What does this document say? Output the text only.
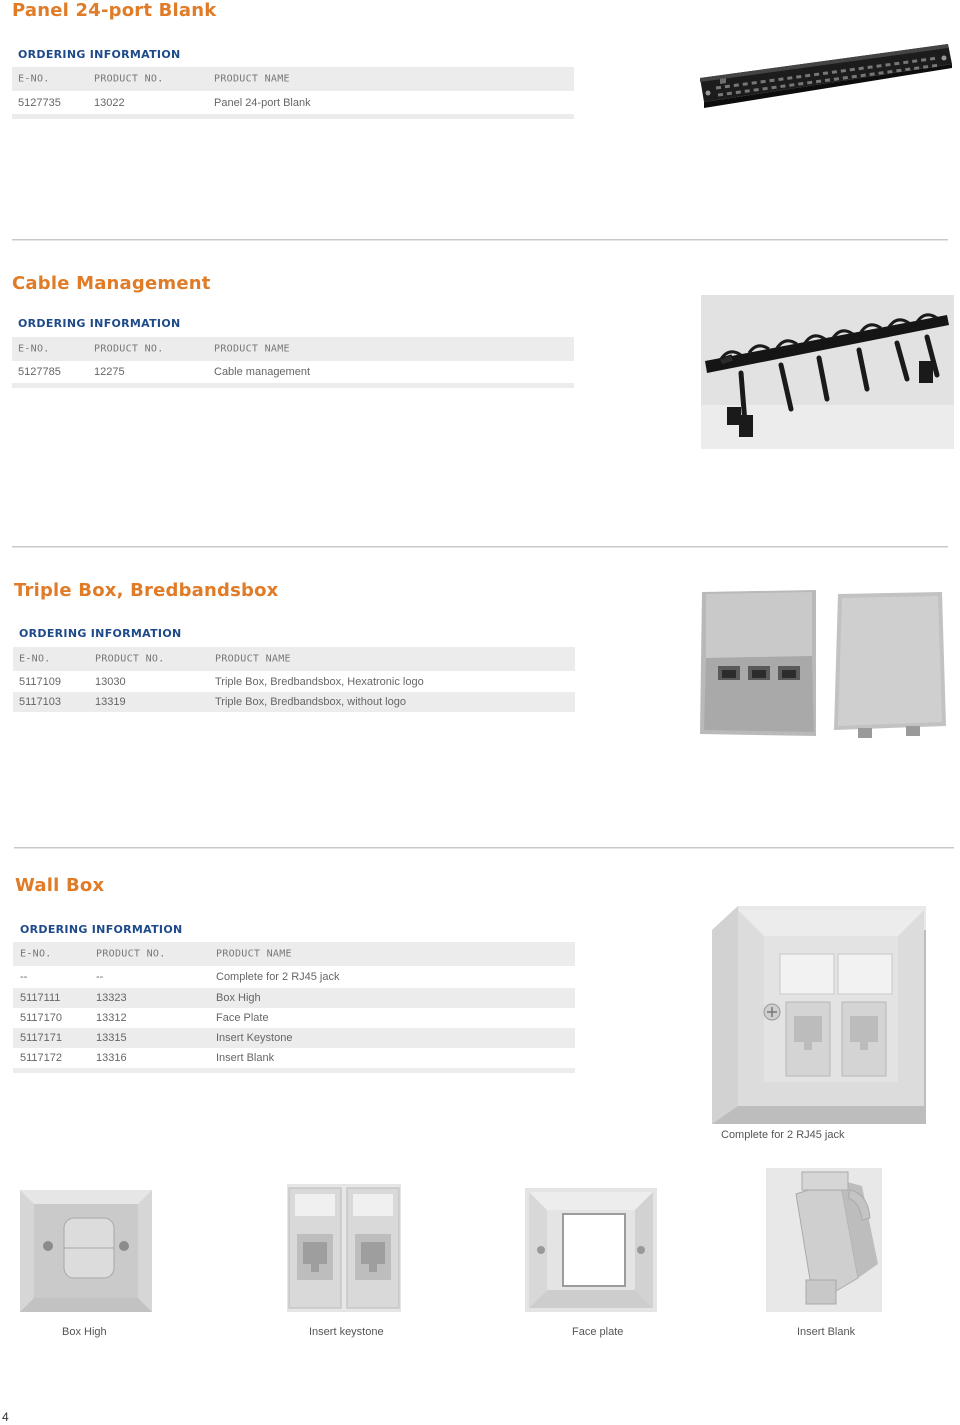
Panel 24-port Blank
ORDERING INFORMATION
E-NO.	PRODUCT NO.	PRODUCT NAME
5127735	13022	Panel 24-port Blank
Cable Management
ORDERING INFORMATION
E-NO.	PRODUCT NO.	PRODUCT NAME
5127785	12275	Cable management
Triple Box, Bredbandsbox
ORDERING INFORMATION
E-NO.	PRODUCT NO.	PRODUCT NAME
5117109	13030	Triple Box, Bredbandsbox, Hexatronic logo
5117103	13319	Triple Box, Bredbandsbox, without logo
Wall Box
ORDERING INFORMATION
E-NO.	PRODUCT NO.	PRODUCT NAME
--	--	Complete for 2 RJ45 jack
5117111	13323	Box High
5117170	13312	Face Plate
5117171	13315	Insert Keystone
5117172	13316	Insert Blank
Complete for 2 RJ45 jack
Box High	Insert keystone	Face plate	Insert Blank
4
